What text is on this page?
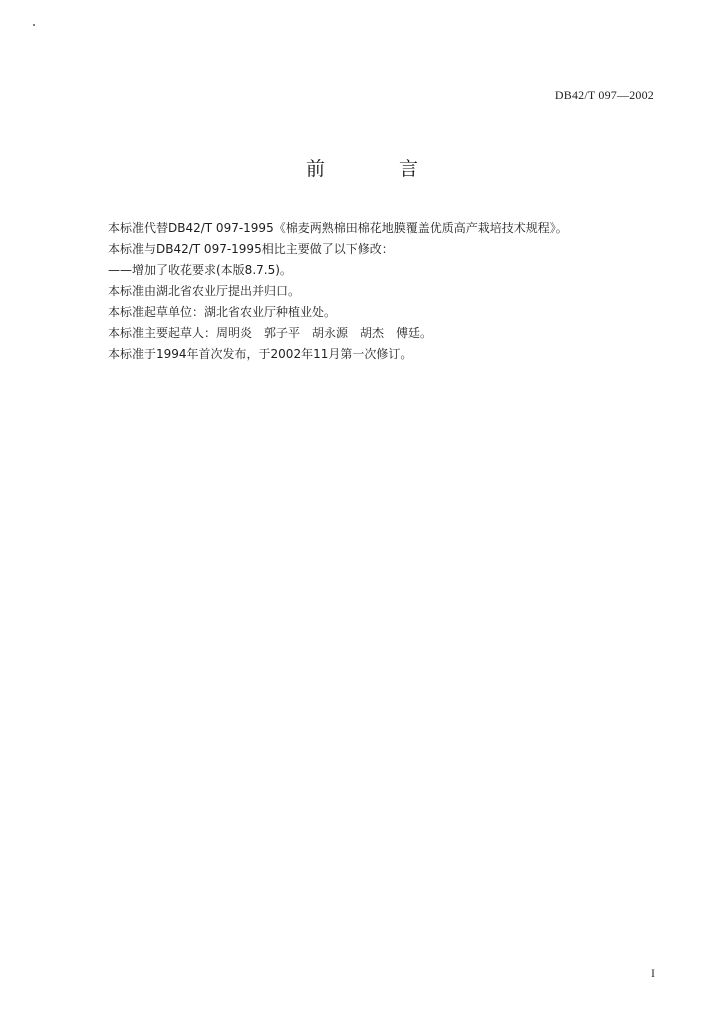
DB42/T 097—2002
前 言
本标准代替DB42/T 097-1995《棉麦两熟棉田棉花地膜覆盖优质高产栽培技术规程》。
本标准与DB42/T 097-1995相比主要做了以下修改：
——增加了收花要求(本版8.7.5)。
本标准由湖北省农业厅提出并归口。
本标准起草单位：湖北省农业厅种植业处。
本标准主要起草人：周明炎　郭子平　胡永源　胡杰　傅廷。
本标准于1994年首次发布，于2002年11月第一次修订。
I
